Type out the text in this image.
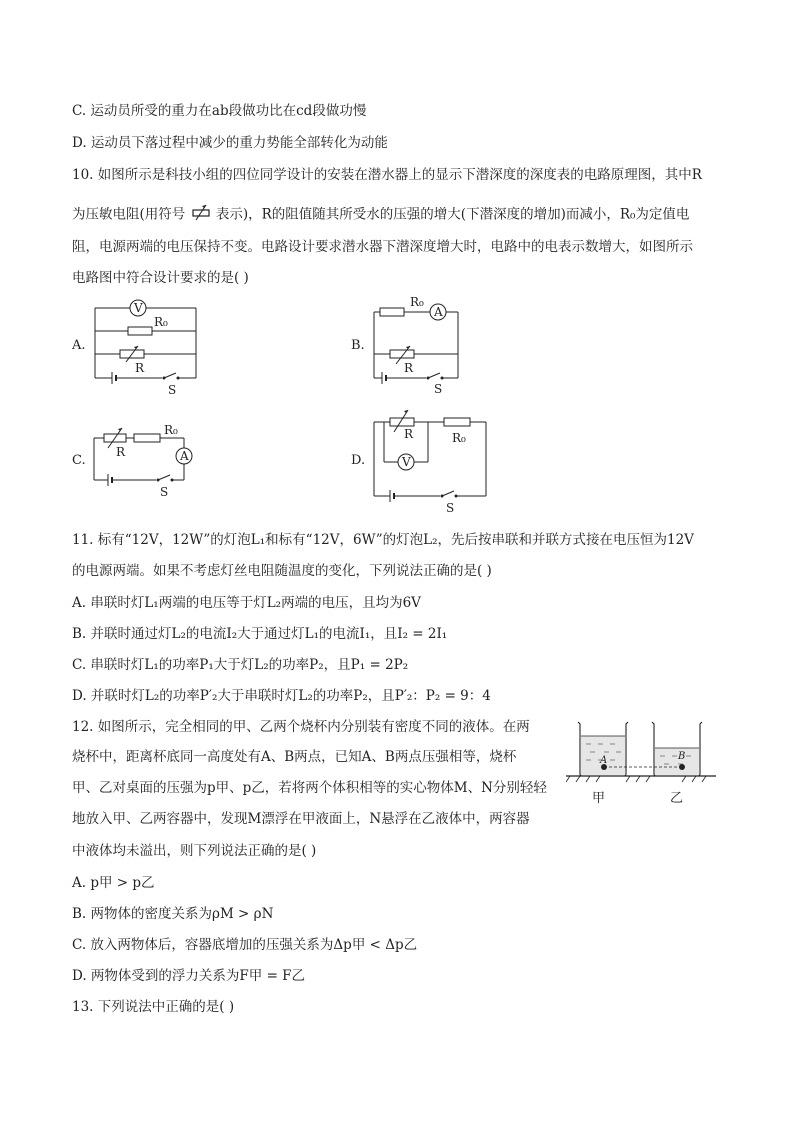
C. 运动员所受的重力在ab段做功比在cd段做功慢
D. 运动员下落过程中减少的重力势能全部转化为动能
10. 如图所示是科技小组的四位同学设计的安装在潜水器上的显示下潜深度的深度表的电路原理图，其中R
为压敏电阻(用符号 表示)，R的阻值随其所受水的压强的增大(下潜深度的增加)而减小，R₀为定值电
阻，电源两端的电压保持不变。电路设计要求潜水器下潜深度增大时，电路中的电表示数增大，如图所示
电路图中符合设计要求的是( )
A.
V
R₀
R
S
B.
R₀
A
R
S
C.
R
R₀
A
S
D.
R	R₀
V
S
11. 标有“12V，12W”的灯泡L₁和标有“12V，6W”的灯泡L₂，先后按串联和并联方式接在电压恒为12V
的电源两端。如果不考虑灯丝电阻随温度的变化，下列说法正确的是( )
A. 串联时灯L₁两端的电压等于灯L₂两端的电压，且均为6V
B. 并联时通过灯L₂的电流I₂大于通过灯L₁的电流I₁，且I₂ = 2I₁
C. 串联时灯L₁的功率P₁大于灯L₂的功率P₂，且P₁ = 2P₂
D. 并联时灯L₂的功率P′₂大于串联时灯L₂的功率P₂，且P′₂：P₂ = 9：4
12. 如图所示，完全相同的甲、乙两个烧杯内分别装有密度不同的液体。在两
烧杯中，距离杯底同一高度处有A、B两点，已知A、B两点压强相等，烧杯
甲、乙对桌面的压强为p甲、p乙，若将两个体积相等的实心物体M、N分别轻轻
地放入甲、乙两容器中，发现M漂浮在甲液面上，N悬浮在乙液体中，两容器
中液体均未溢出，则下列说法正确的是( )
A	B
甲	乙
A. p甲 > p乙
B. 两物体的密度关系为ρM > ρN
C. 放入两物体后，容器底增加的压强关系为Δp甲 < Δp乙
D. 两物体受到的浮力关系为F甲 = F乙
13. 下列说法中正确的是( )
